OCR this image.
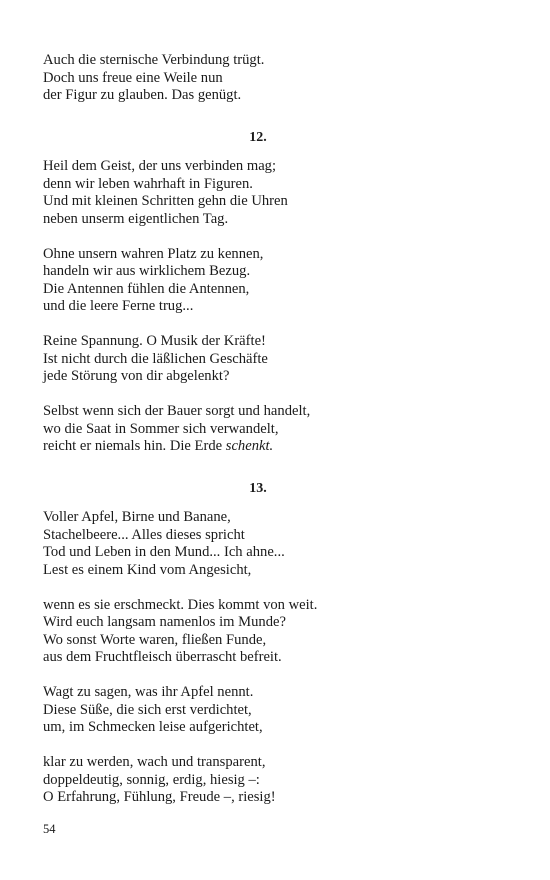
Auch die sternische Verbindung trügt.
Doch uns freue eine Weile nun
der Figur zu glauben. Das genügt.
12.
Heil dem Geist, der uns verbinden mag;
denn wir leben wahrhaft in Figuren.
Und mit kleinen Schritten gehn die Uhren
neben unserm eigentlichen Tag.
Ohne unsern wahren Platz zu kennen,
handeln wir aus wirklichem Bezug.
Die Antennen fühlen die Antennen,
und die leere Ferne trug...
Reine Spannung. O Musik der Kräfte!
Ist nicht durch die läßlichen Geschäfte
jede Störung von dir abgelenkt?
Selbst wenn sich der Bauer sorgt und handelt,
wo die Saat in Sommer sich verwandelt,
reicht er niemals hin. Die Erde schenkt.
13.
Voller Apfel, Birne und Banane,
Stachelbeere... Alles dieses spricht
Tod und Leben in den Mund... Ich ahne...
Lest es einem Kind vom Angesicht,
wenn es sie erschmeckt. Dies kommt von weit.
Wird euch langsam namenlos im Munde?
Wo sonst Worte waren, fließen Funde,
aus dem Fruchtfleisch überrascht befreit.
Wagt zu sagen, was ihr Apfel nennt.
Diese Süße, die sich erst verdichtet,
um, im Schmecken leise aufgerichtet,
klar zu werden, wach und transparent,
doppeldeutig, sonnig, erdig, hiesig –:
O Erfahrung, Fühlung, Freude –, riesig!
54
